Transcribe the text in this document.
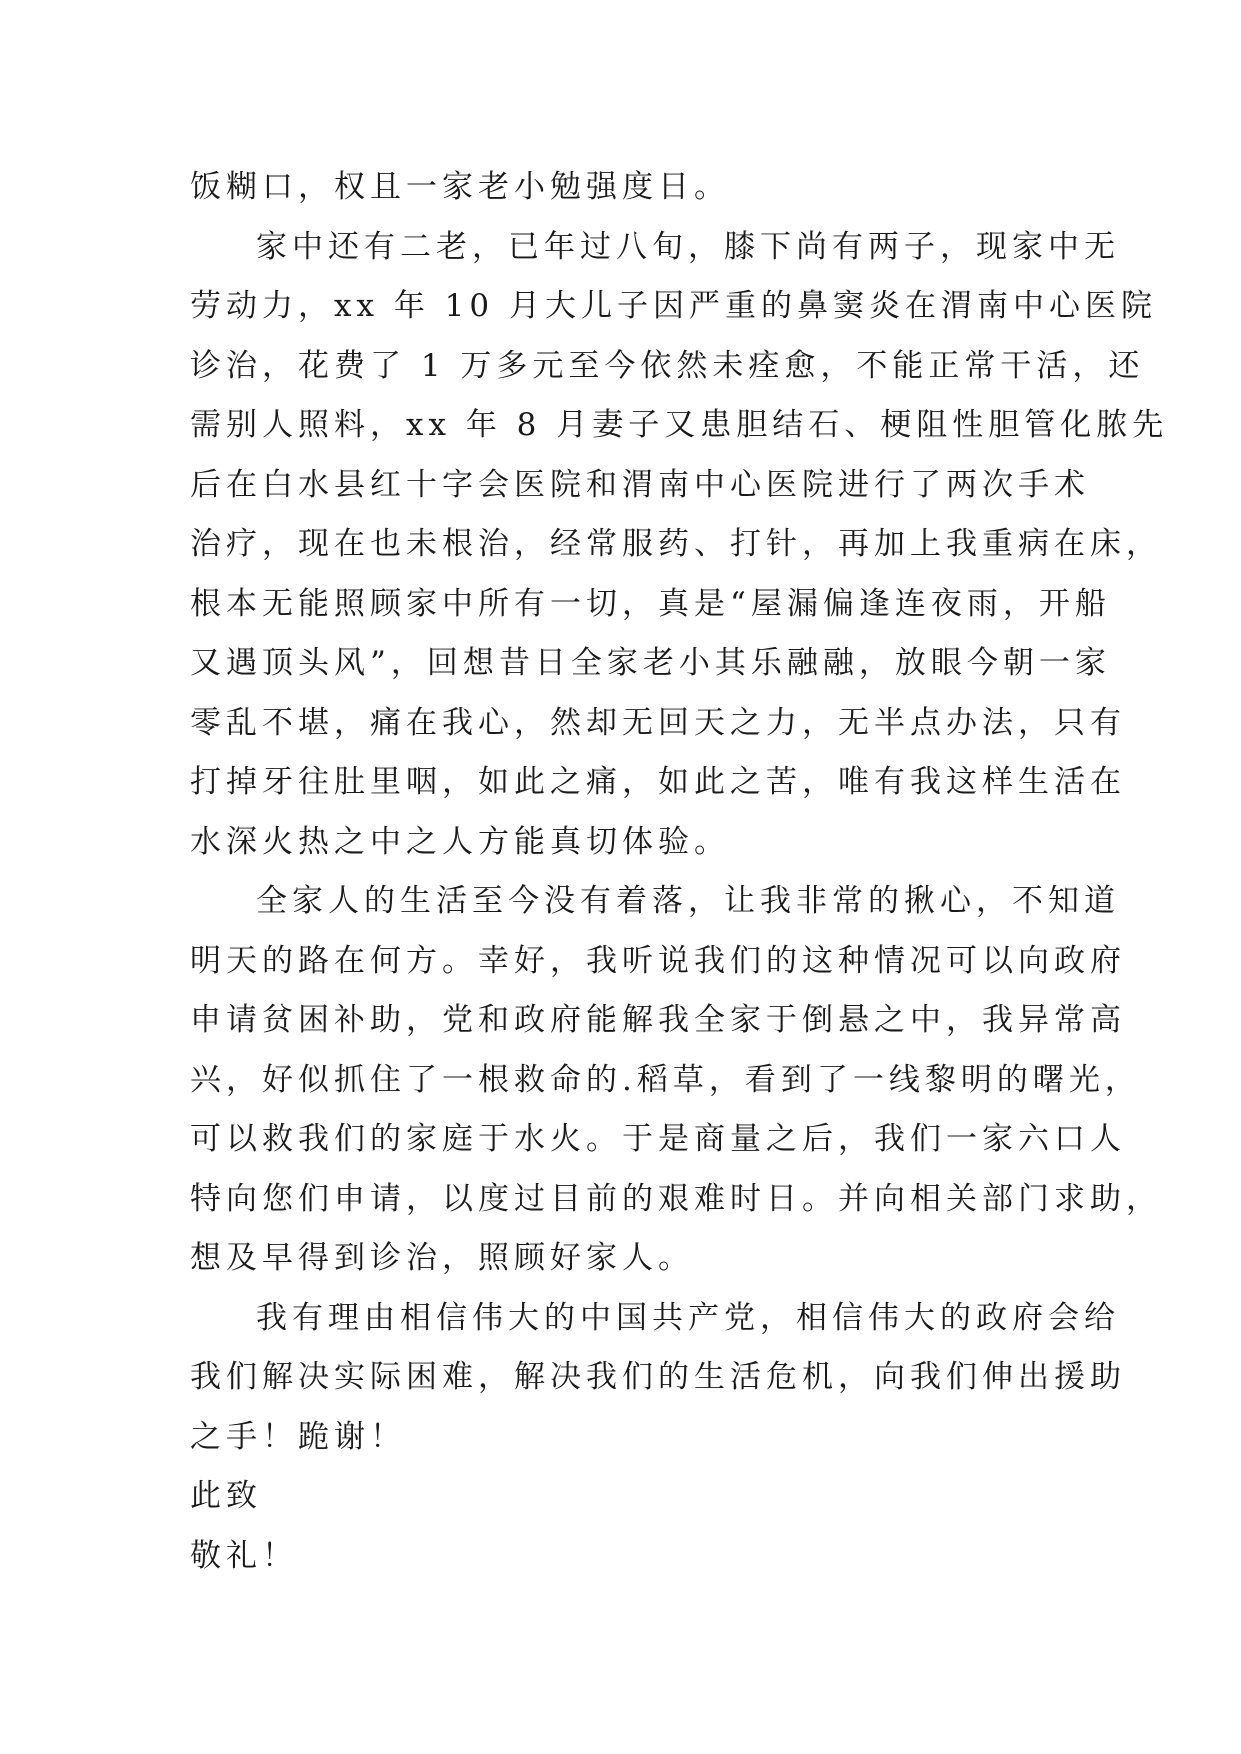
饭糊口，权且一家老小勉强度日。
家中还有二老，已年过八旬，膝下尚有两子，现家中无
劳动力，xx 年 10 月大儿子因严重的鼻窦炎在渭南中心医院
诊治，花费了 1 万多元至今依然未痊愈，不能正常干活，还
需别人照料，xx 年 8 月妻子又患胆结石、梗阻性胆管化脓先
后在白水县红十字会医院和渭南中心医院进行了两次手术
治疗，现在也未根治，经常服药、打针，再加上我重病在床，
根本无能照顾家中所有一切，真是“屋漏偏逢连夜雨，开船
又遇顶头风”，回想昔日全家老小其乐融融，放眼今朝一家
零乱不堪，痛在我心，然却无回天之力，无半点办法，只有
打掉牙往肚里咽，如此之痛，如此之苦，唯有我这样生活在
水深火热之中之人方能真切体验。
全家人的生活至今没有着落，让我非常的揪心，不知道
明天的路在何方。幸好，我听说我们的这种情况可以向政府
申请贫困补助，党和政府能解我全家于倒悬之中，我异常高
兴，好似抓住了一根救命的.稻草，看到了一线黎明的曙光，
可以救我们的家庭于水火。于是商量之后，我们一家六口人
特向您们申请，以度过目前的艰难时日。并向相关部门求助，
想及早得到诊治，照顾好家人。
我有理由相信伟大的中国共产党，相信伟大的政府会给
我们解决实际困难，解决我们的生活危机，向我们伸出援助
之手！跪谢！
此致
敬礼！
